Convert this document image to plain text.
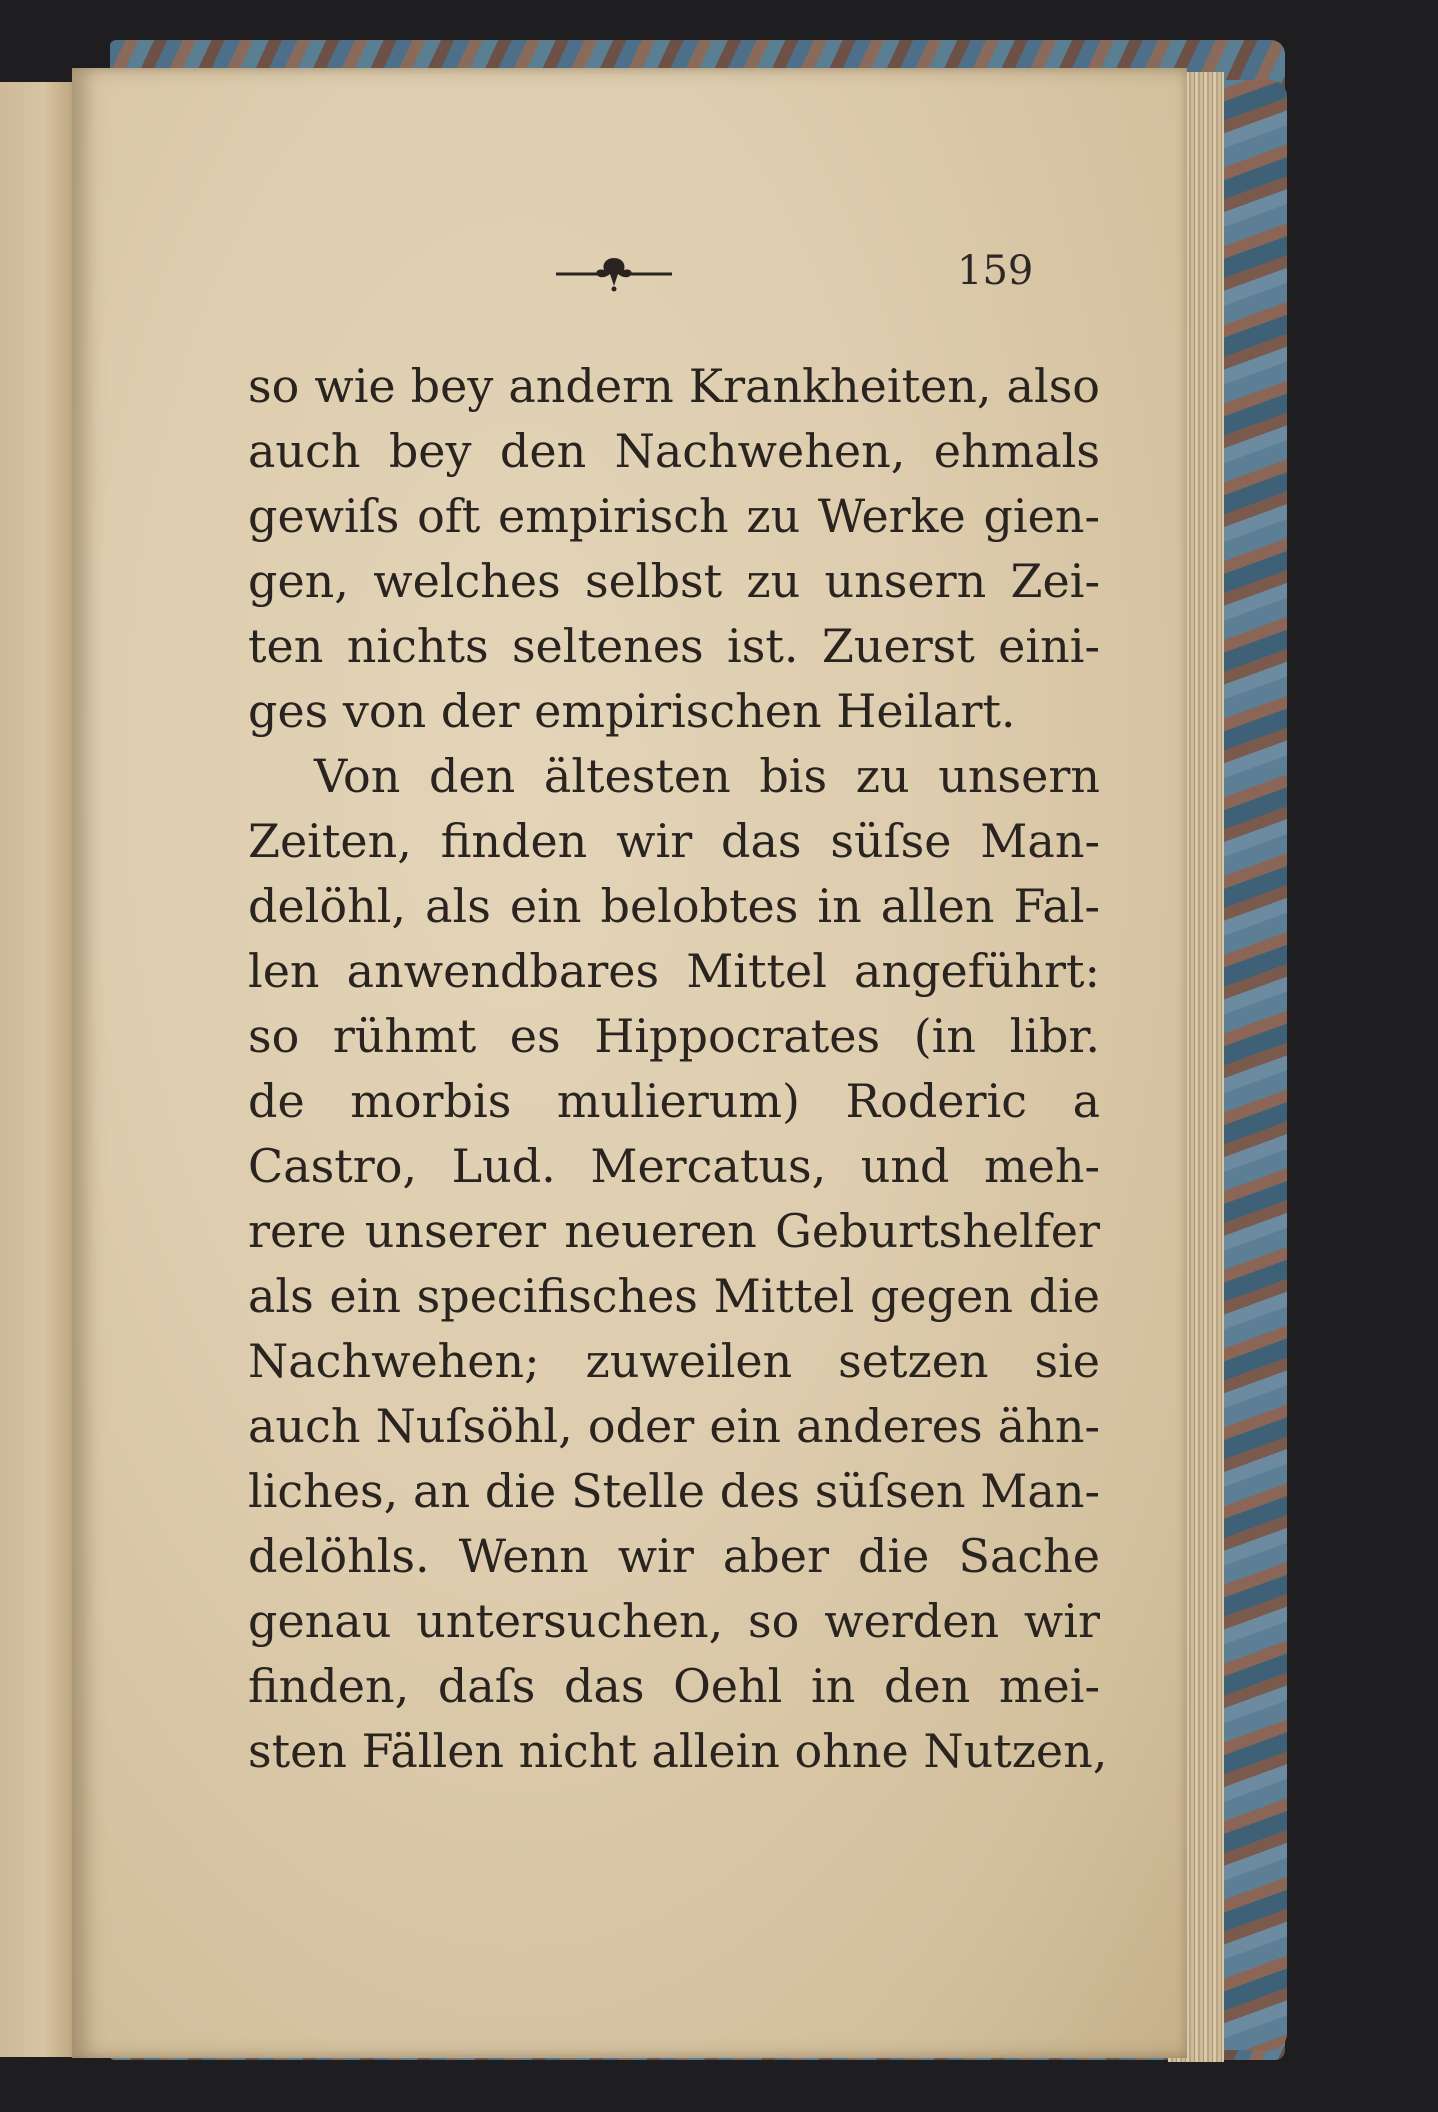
159
so wie bey andern Krankheiten, also
auch bey den Nachwehen, ehmals
gewiſs oft empirisch zu Werke gien-
gen, welches selbst zu unsern Zei-
ten nichts seltenes ist. Zuerst eini-
ges von der empirischen Heilart.
Von den ältesten bis zu unsern
Zeiten, finden wir das süſse Man-
delöhl, als ein belobtes in allen Fal-
len anwendbares Mittel angeführt:
so rühmt es Hippocrates (in libr.
de morbis mulierum) Roderic a
Castro, Lud. Mercatus, und meh-
rere unserer neueren Geburtshelfer
als ein specifisches Mittel gegen die
Nachwehen; zuweilen setzen sie
auch Nuſsöhl, oder ein anderes ähn-
liches, an die Stelle des süſsen Man-
delöhls. Wenn wir aber die Sache
genau untersuchen, so werden wir
finden, daſs das Oehl in den mei-
sten Fällen nicht allein ohne Nutzen,
